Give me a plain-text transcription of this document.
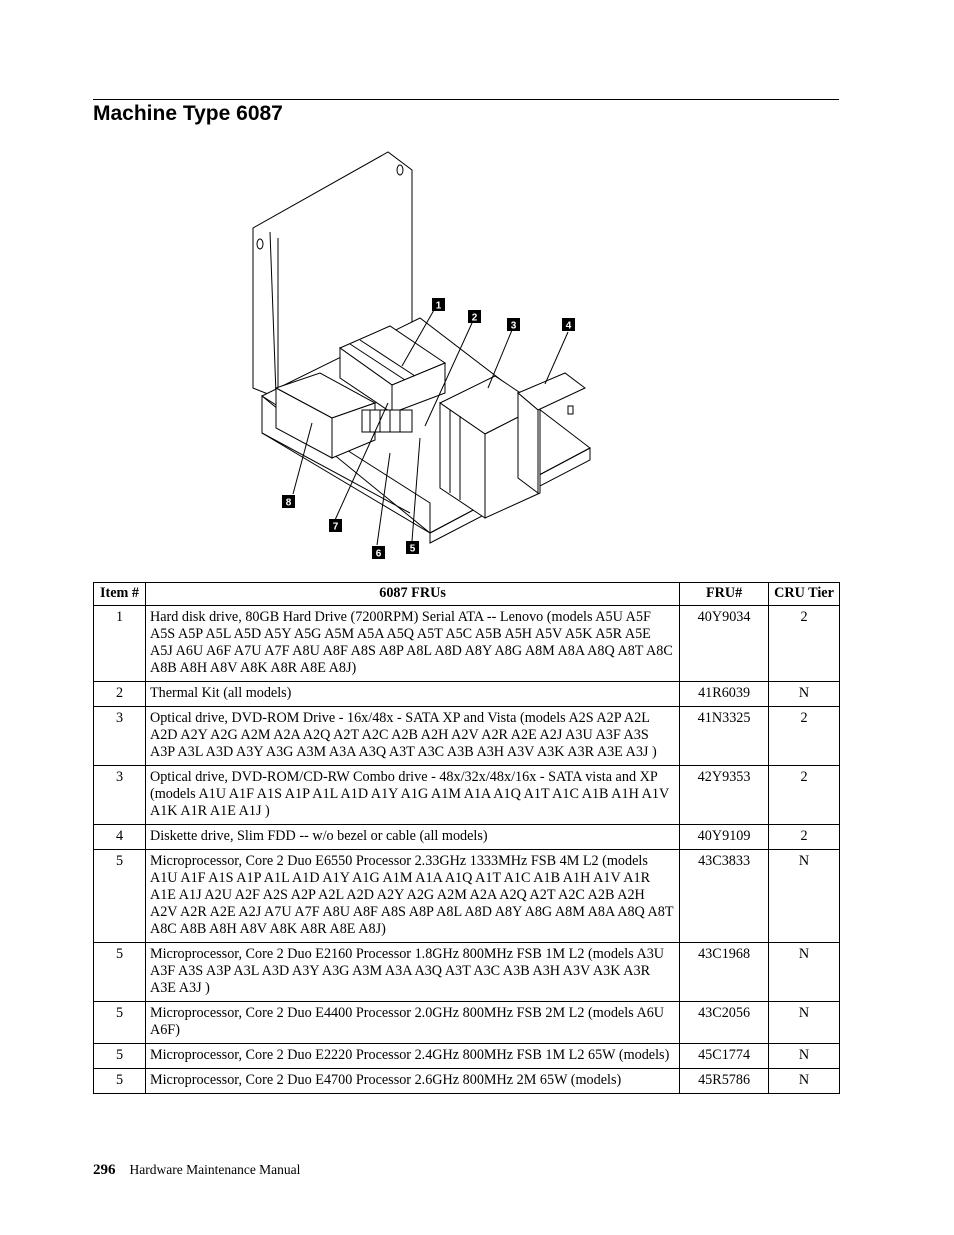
Machine Type 6087
1
2
3	4
5
6
7
8
Item #	6087 FRUs	FRU#	CRU Tier
1	Hard disk drive, 80GB Hard Drive (7200RPM) Serial ATA -- Lenovo (models A5U A5F A5S A5P A5L A5D A5Y A5G A5M A5A A5Q A5T A5C A5B A5H A5V A5K A5R A5E A5J A6U A6F A7U A7F A8U A8F A8S A8P A8L A8D A8Y A8G A8M A8A A8Q A8T A8C A8B A8H A8V A8K A8R A8E A8J)	40Y9034	2
2	Thermal Kit (all models)	41R6039	N
3	Optical drive, DVD-ROM Drive - 16x/48x - SATA XP and Vista (models A2S A2P A2L A2D A2Y A2G A2M A2A A2Q A2T A2C A2B A2H A2V A2R A2E A2J A3U A3F A3S A3P A3L A3D A3Y A3G A3M A3A A3Q A3T A3C A3B A3H A3V A3K A3R A3E A3J )	41N3325	2
3	Optical drive, DVD-ROM/CD-RW Combo drive - 48x/32x/48x/16x - SATA vista and XP (models A1U A1F A1S A1P A1L A1D A1Y A1G A1M A1A A1Q A1T A1C A1B A1H A1V A1K A1R A1E A1J )	42Y9353	2
4	Diskette drive, Slim FDD -- w/o bezel or cable (all models)	40Y9109	2
5	Microprocessor, Core 2 Duo E6550 Processor 2.33GHz 1333MHz FSB 4M L2 (models A1U A1F A1S A1P A1L A1D A1Y A1G A1M A1A A1Q A1T A1C A1B A1H A1V A1R A1E A1J A2U A2F A2S A2P A2L A2D A2Y A2G A2M A2A A2Q A2T A2C A2B A2H A2V A2R A2E A2J A7U A7F A8U A8F A8S A8P A8L A8D A8Y A8G A8M A8A A8Q A8T A8C A8B A8H A8V A8K A8R A8E A8J)	43C3833	N
5	Microprocessor, Core 2 Duo E2160 Processor 1.8GHz 800MHz FSB 1M L2 (models A3U A3F A3S A3P A3L A3D A3Y A3G A3M A3A A3Q A3T A3C A3B A3H A3V A3K A3R A3E A3J )	43C1968	N
5	Microprocessor, Core 2 Duo E4400 Processor 2.0GHz 800MHz FSB 2M L2 (models A6U A6F)	43C2056	N
5	Microprocessor, Core 2 Duo E2220 Processor 2.4GHz 800MHz FSB 1M L2 65W (models)	45C1774	N
5	Microprocessor, Core 2 Duo E4700 Processor 2.6GHz 800MHz 2M 65W (models)	45R5786	N
296 Hardware Maintenance Manual
